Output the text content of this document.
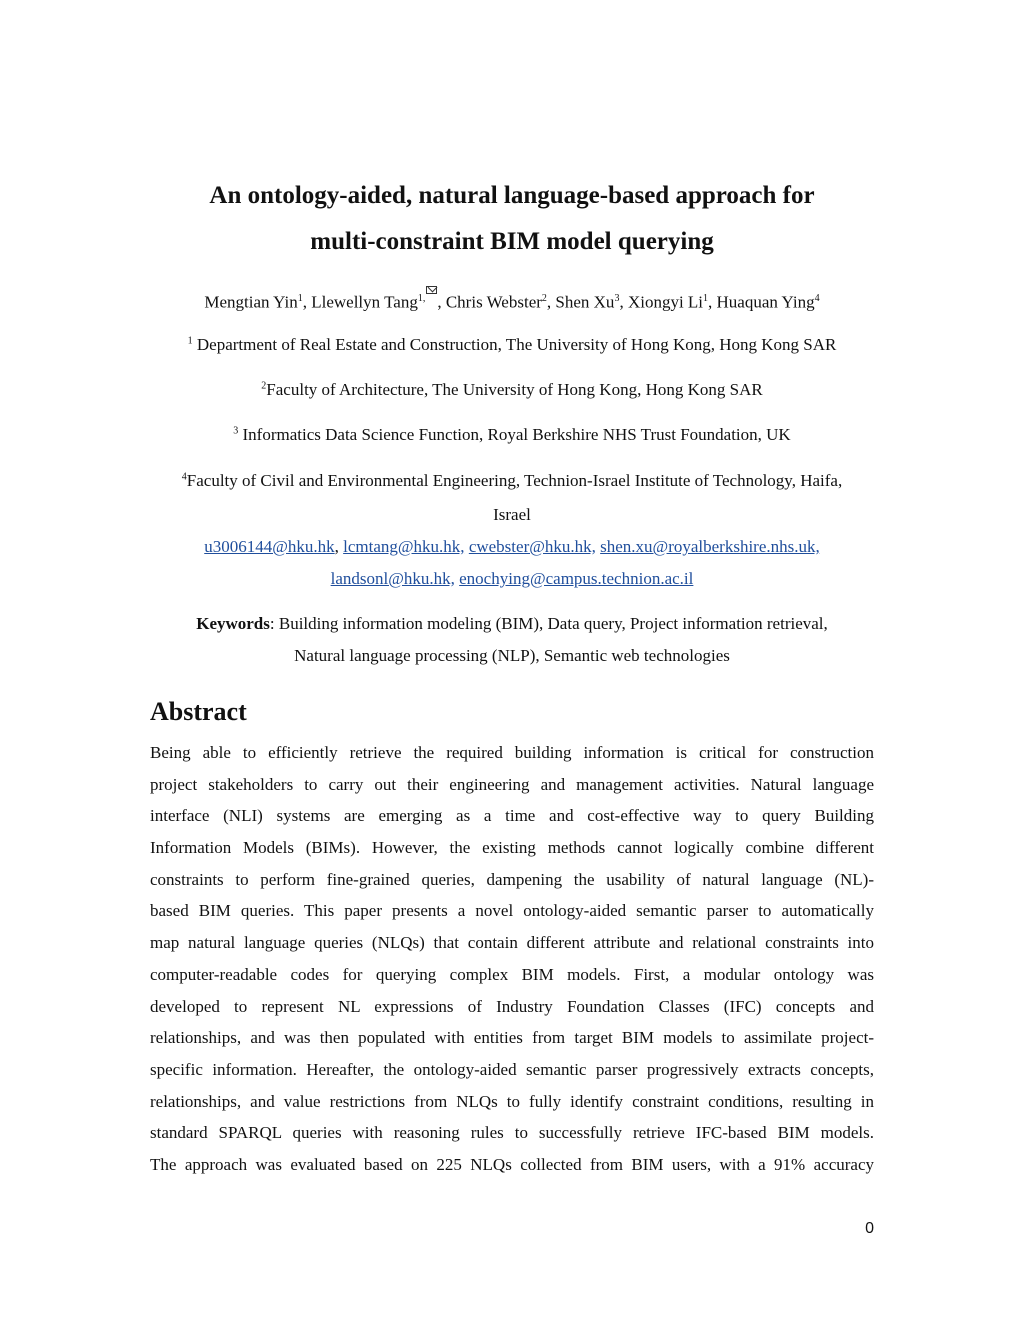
An ontology-aided, natural language-based approach for
multi-constraint BIM model querying
Mengtian Yin$^1$, Llewellyn Tang$^{1,}$ , Chris Webster$^2$, Shen Xu$^3$, Xiongyi Li$^1$, Huaquan Ying$^4$
$^1$ Department of Real Estate and Construction, The University of Hong Kong, Hong Kong SAR
$^2$Faculty of Architecture, The University of Hong Kong, Hong Kong SAR
$^3$ Informatics Data Science Function, Royal Berkshire NHS Trust Foundation, UK
$^4$Faculty of Civil and Environmental Engineering, Technion-Israel Institute of Technology, Haifa,
Israel
u3006144@hku.hk, lcmtang@hku.hk, cwebster@hku.hk, shen.xu@royalberkshire.nhs.uk,
landsonl@hku.hk, enochying@campus.technion.ac.il
Keywords: Building information modeling (BIM), Data query, Project information retrieval,
Natural language processing (NLP), Semantic web technologies
Abstract
Being able to efficiently retrieve the required building information is critical for construction
project stakeholders to carry out their engineering and management activities. Natural language
interface (NLI) systems are emerging as a time and cost-effective way to query Building
Information Models (BIMs). However, the existing methods cannot logically combine different
constraints to perform fine-grained queries, dampening the usability of natural language (NL)-
based BIM queries. This paper presents a novel ontology-aided semantic parser to automatically
map natural language queries (NLQs) that contain different attribute and relational constraints into
computer-readable codes for querying complex BIM models. First, a modular ontology was
developed to represent NL expressions of Industry Foundation Classes (IFC) concepts and
relationships, and was then populated with entities from target BIM models to assimilate project-
specific information. Hereafter, the ontology-aided semantic parser progressively extracts concepts,
relationships, and value restrictions from NLQs to fully identify constraint conditions, resulting in
standard SPARQL queries with reasoning rules to successfully retrieve IFC-based BIM models.
The approach was evaluated based on 225 NLQs collected from BIM users, with a 91% accuracy
0
